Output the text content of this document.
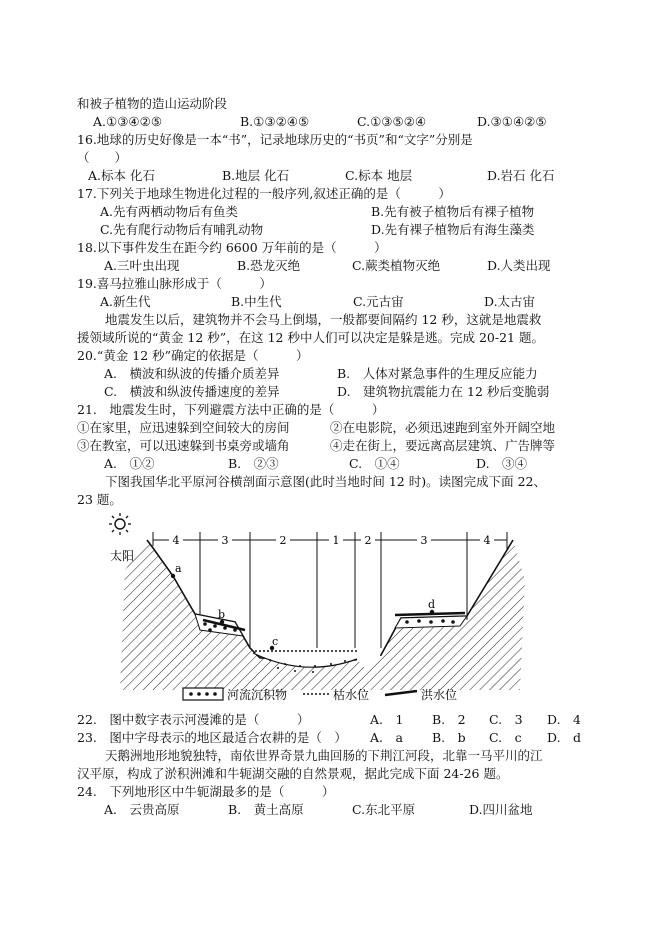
和被子植物的造山运动阶段
A.①③④②⑤	B.①③②④⑤	C.①③⑤②④	D.③①④②⑤
16.地球的历史好像是一本“书”，记录地球历史的“书页”和“文字”分别是
（　　）
A.标本 化石	B.地层 化石	C.标本 地层	D.岩石 化石
17.下列关于地球生物进化过程的一般序列,叙述正确的是（　　　）
A.先有两栖动物后有鱼类	B.先有被子植物后有裸子植物
C.先有爬行动物后有哺乳动物	D.先有裸子植物后有海生藻类
18.以下事件发生在距今约 6600 万年前的是（　　　）
A.三叶虫出现	B.恐龙灭绝	C.蕨类植物灭绝	D.人类出现
19.喜马拉雅山脉形成于（　　　）
A.新生代	B.中生代	C.元古宙	D.太古宙
地震发生以后，建筑物并不会马上倒塌，一般都要间隔约 12 秒，这就是地震救
援领域所说的“黄金 12 秒”，在这 12 秒中人们可以决定是躲是逃。完成 20-21 题。
20.“黄金 12 秒”确定的依据是（　　　）
A.　横波和纵波的传播介质差异	B.　人体对紧急事件的生理反应能力
C.　横波和纵波传播速度的差异	D.　建筑物抗震能力在 12 秒后变脆弱
21.　地震发生时，下列避震方法中正确的是（　　　）
①在家里，应迅速躲到空间较大的房间	②在电影院，必须迅速跑到室外开阔空地
③在教室，可以迅速躲到书桌旁或墙角	④走在街上，要远离高层建筑、广告牌等
A.　①②	B.　②③	C.　①④	D.　③④
下图我国华北平原河谷横剖面示意图(此时当地时间 12 时)。读图完成下面 22、
23 题。
太阳
4	3	2	1 2	3	4
a
b
c
d
河流沉积物	枯水位	洪水位
22.　图中数字表示河漫滩的是（　　　）	A.　1 B.　2 C.　3 D.　4
23.　图中字母表示的地区最适合农耕的是（　） A.　a B.　b C.　c D.　d
天鹅洲地形地貌独特，南依世界奇景九曲回肠的下荆江河段，北靠一马平川的江
汉平原，构成了淤积洲滩和牛轭湖交融的自然景观，据此完成下面 24-26 题。
24.　下列地形区中牛轭湖最多的是（　　　）
A.　云贵高原	B.　黄土高原	C.东北平原	D.四川盆地
